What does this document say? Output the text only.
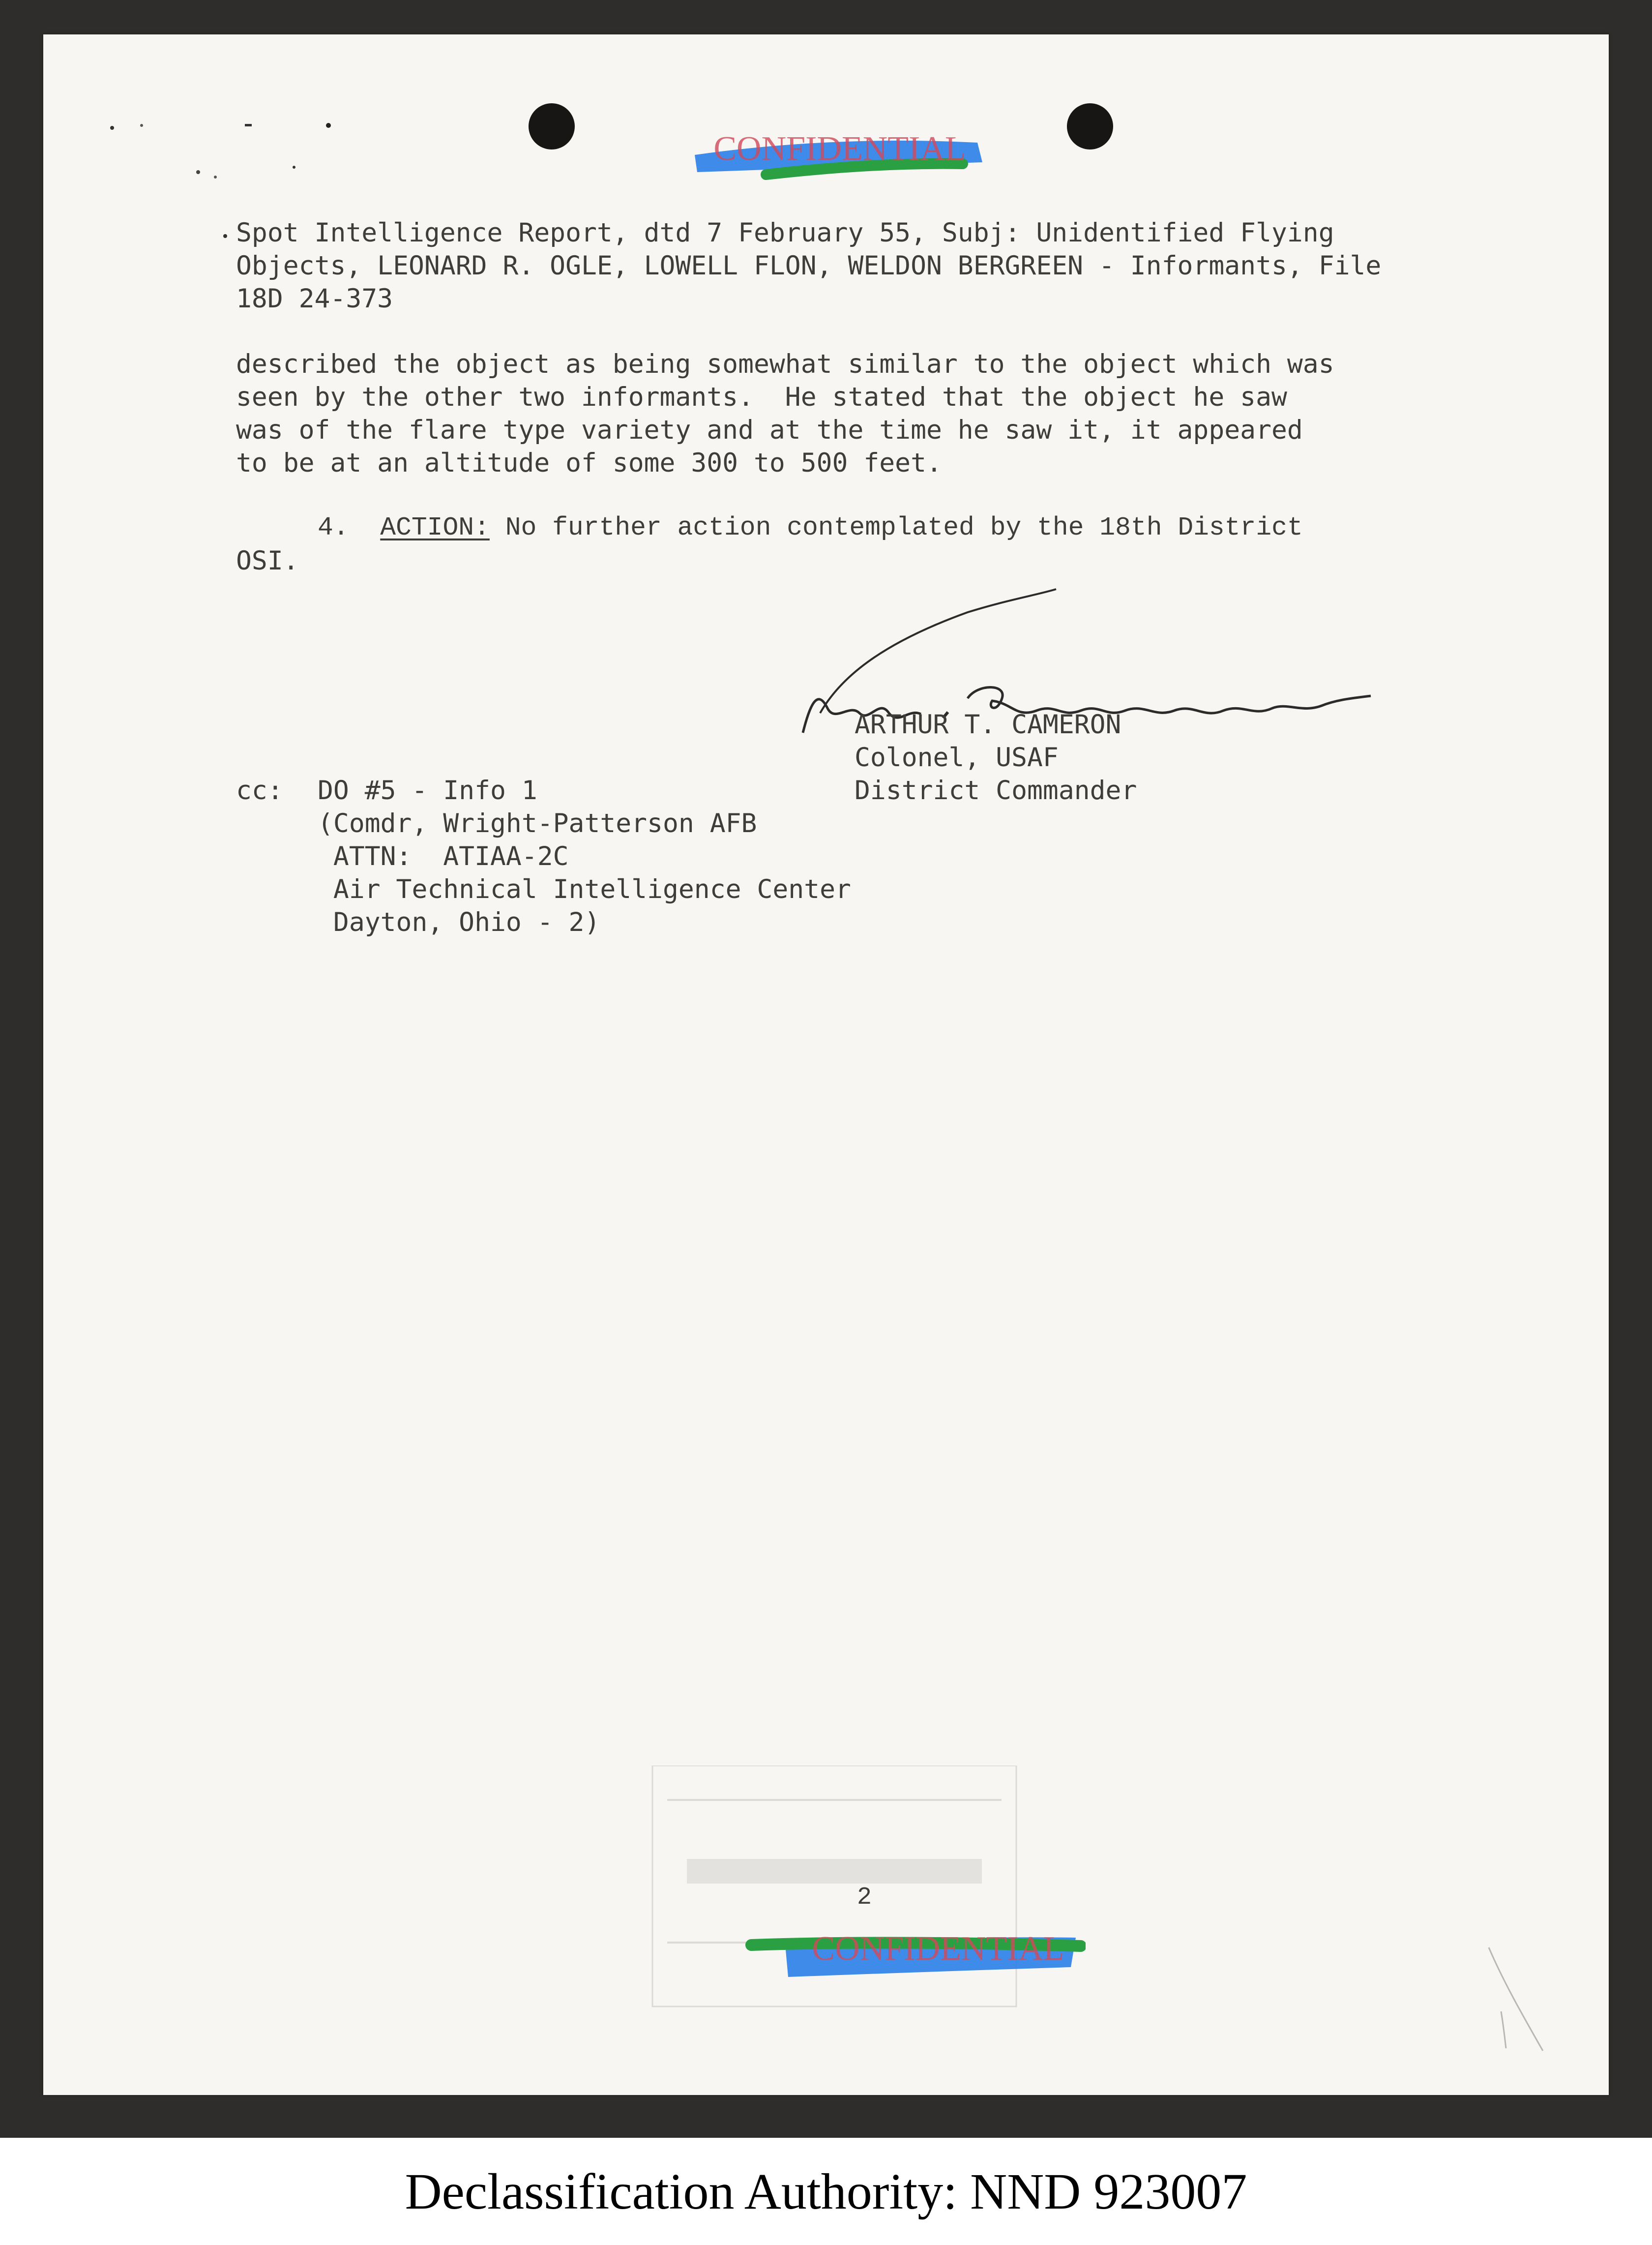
CONFIDENTIAL
Spot Intelligence Report, dtd 7 February 55, Subj: Unidentified Flying
Objects, LEONARD R. OGLE, LOWELL FLON, WELDON BERGREEN - Informants, File
18D 24-373
described the object as being somewhat similar to the object which was
seen by the other two informants.  He stated that the object he saw
was of the flare type variety and at the time he saw it, it appeared
to be at an altitude of some 300 to 500 feet.
4. ACTION: No further action contemplated by the 18th District
OSI.
ARTHUR T. CAMERON
Colonel, USAF
District Commander
cc: DO #5 - Info 1
(Comdr, Wright-Patterson AFB
ATTN:  ATIAA-2C
Air Technical Intelligence Center
Dayton, Ohio - 2)

2
CONFIDENTIAL
Declassification Authority: NND 923007
